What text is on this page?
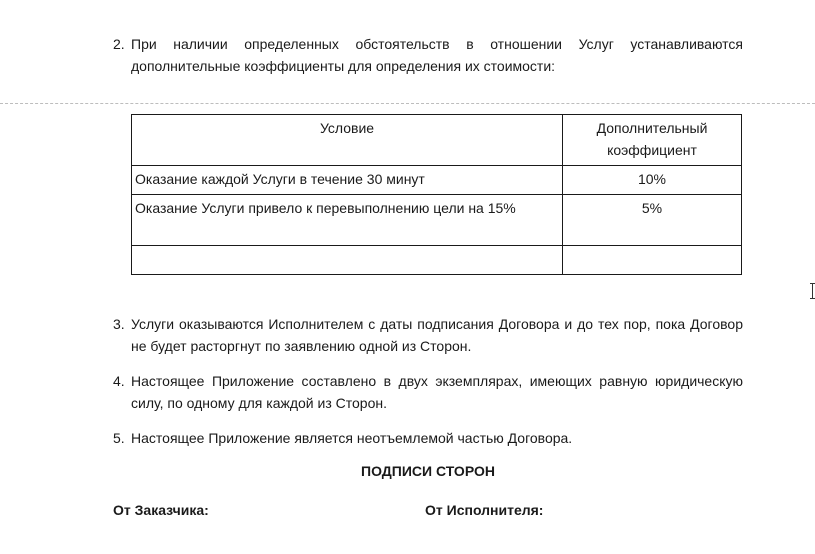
2. При наличии определенных обстоятельств в отношении Услуг устанавливаются дополнительные коэффициенты для определения их стоимости:
Условие	Дополнительный коэффициент
Оказание каждой Услуги в течение 30 минут	10%
Оказание Услуги привело к перевыполнению цели на 15%	5%

3. Услуги оказываются Исполнителем с даты подписания Договора и до тех пор, пока Договор не будет расторгнут по заявлению одной из Сторон.
4. Настоящее Приложение составлено в двух экземплярах, имеющих равную юридическую силу, по одному для каждой из Сторон.
5. Настоящее Приложение является неотъемлемой частью Договора.
ПОДПИСИ СТОРОН
От Заказчика:	От Исполнителя:
